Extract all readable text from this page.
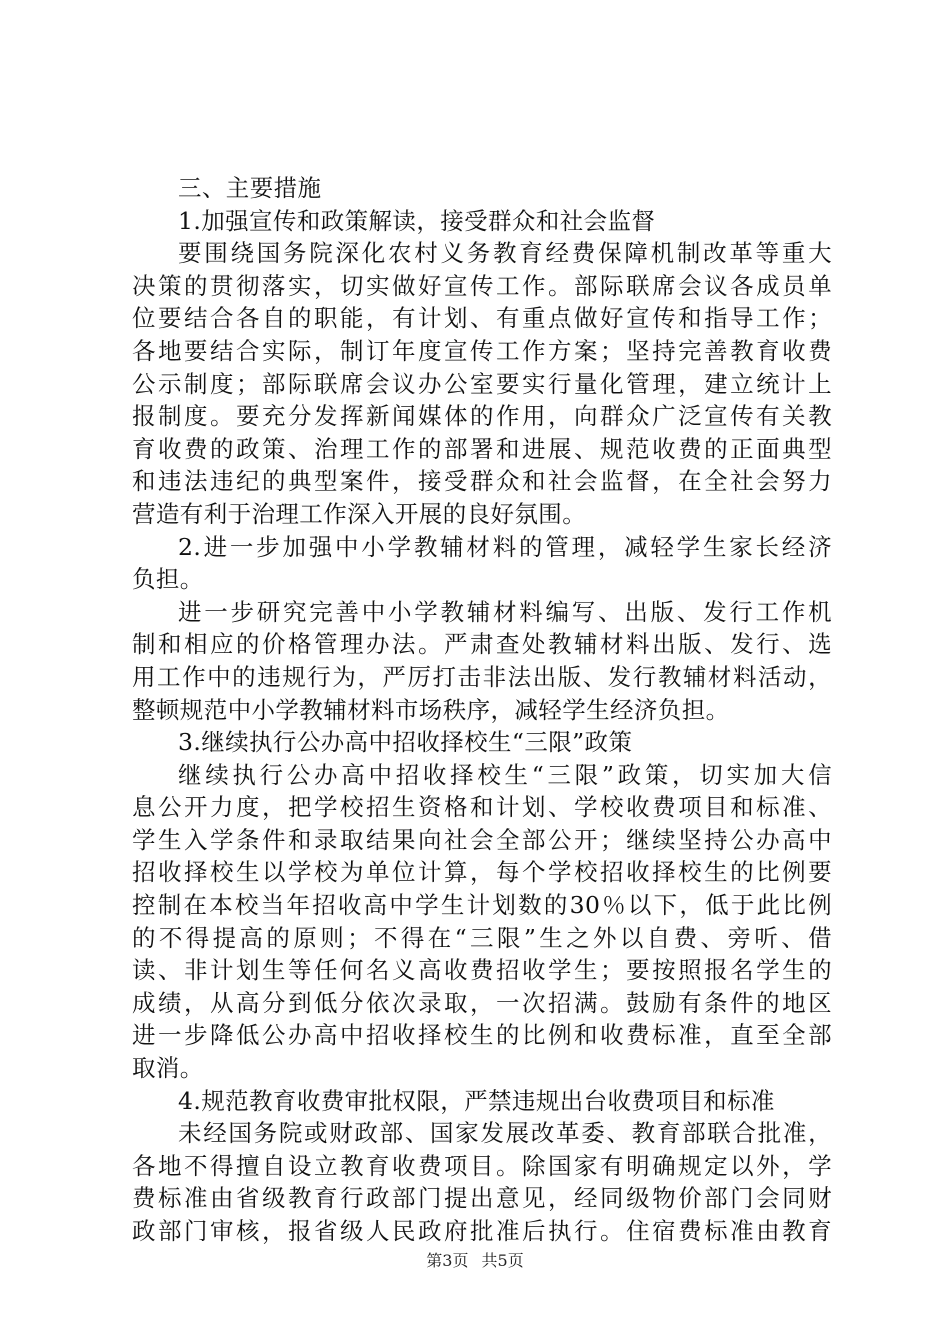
三、主要措施
1.加强宣传和政策解读，接受群众和社会监督
要围绕国务院深化农村义务教育经费保障机制改革等重大
决策的贯彻落实，切实做好宣传工作。部际联席会议各成员单
位要结合各自的职能，有计划、有重点做好宣传和指导工作；
各地要结合实际，制订年度宣传工作方案；坚持完善教育收费
公示制度；部际联席会议办公室要实行量化管理，建立统计上
报制度。要充分发挥新闻媒体的作用，向群众广泛宣传有关教
育收费的政策、治理工作的部署和进展、规范收费的正面典型
和违法违纪的典型案件，接受群众和社会监督，在全社会努力
营造有利于治理工作深入开展的良好氛围。
2.进一步加强中小学教辅材料的管理，减轻学生家长经济
负担。
进一步研究完善中小学教辅材料编写、出版、发行工作机
制和相应的价格管理办法。严肃查处教辅材料出版、发行、选
用工作中的违规行为，严厉打击非法出版、发行教辅材料活动，
整顿规范中小学教辅材料市场秩序，减轻学生经济负担。
3.继续执行公办高中招收择校生“三限”政策
继续执行公办高中招收择校生“三限”政策，切实加大信
息公开力度，把学校招生资格和计划、学校收费项目和标准、
学生入学条件和录取结果向社会全部公开；继续坚持公办高中
招收择校生以学校为单位计算，每个学校招收择校生的比例要
控制在本校当年招收高中学生计划数的30％以下，低于此比例
的不得提高的原则；不得在“三限”生之外以自费、旁听、借
读、非计划生等任何名义高收费招收学生；要按照报名学生的
成绩，从高分到低分依次录取，一次招满。鼓励有条件的地区
进一步降低公办高中招收择校生的比例和收费标准，直至全部
取消。
4.规范教育收费审批权限，严禁违规出台收费项目和标准
未经国务院或财政部、国家发展改革委、教育部联合批准，
各地不得擅自设立教育收费项目。除国家有明确规定以外，学
费标准由省级教育行政部门提出意见，经同级物价部门会同财
政部门审核，报省级人民政府批准后执行。住宿费标准由教育
第3页 共5页
